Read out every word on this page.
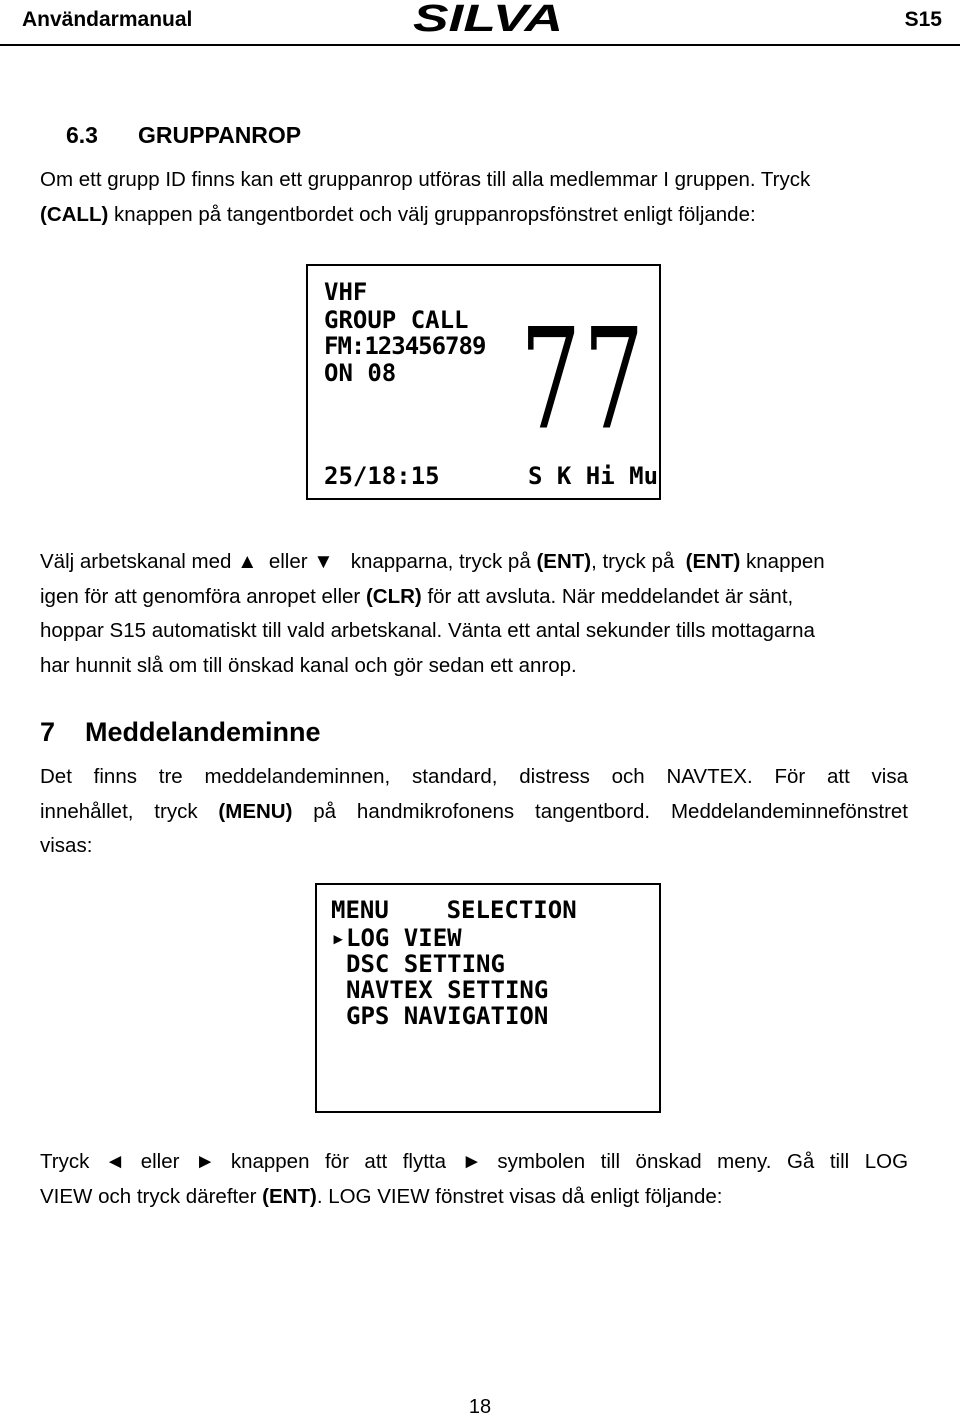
Användarmanual	SILVA	S15
6.3 GRUPPANROP
Om ett grupp ID finns kan ett gruppanrop utföras till alla medlemmar I gruppen. Tryck
(CALL) knappen på tangentbordet och välj gruppanropsfönstret enligt följande:
VHF
GROUP CALL
FM:123456789
ON 08 77
25/18:15	S K Hi Mu
Välj arbetskanal med ▲ eller ▼ knapparna, tryck på (ENT), tryck på (ENT) knappen
igen för att genomföra anropet eller (CLR) för att avsluta. När meddelandet är sänt,
hoppar S15 automatiskt till vald arbetskanal. Vänta ett antal sekunder tills mottagarna
har hunnit slå om till önskad kanal och gör sedan ett anrop.
7 Meddelandeminne
Det finns tre meddelandeminnen, standard, distress och NAVTEX. För att visa
innehållet, tryck (MENU) på handmikrofonens tangentbord. Meddelandeminnefönstret
visas:
MENU    SELECTION
▸ LOG VIEW
DSC SETTING
NAVTEX SETTING
GPS NAVIGATION
Tryck ◄ eller ► knappen för att flytta ► symbolen till önskad meny. Gå till LOG
VIEW och tryck därefter (ENT). LOG VIEW fönstret visas då enligt följande:
18
